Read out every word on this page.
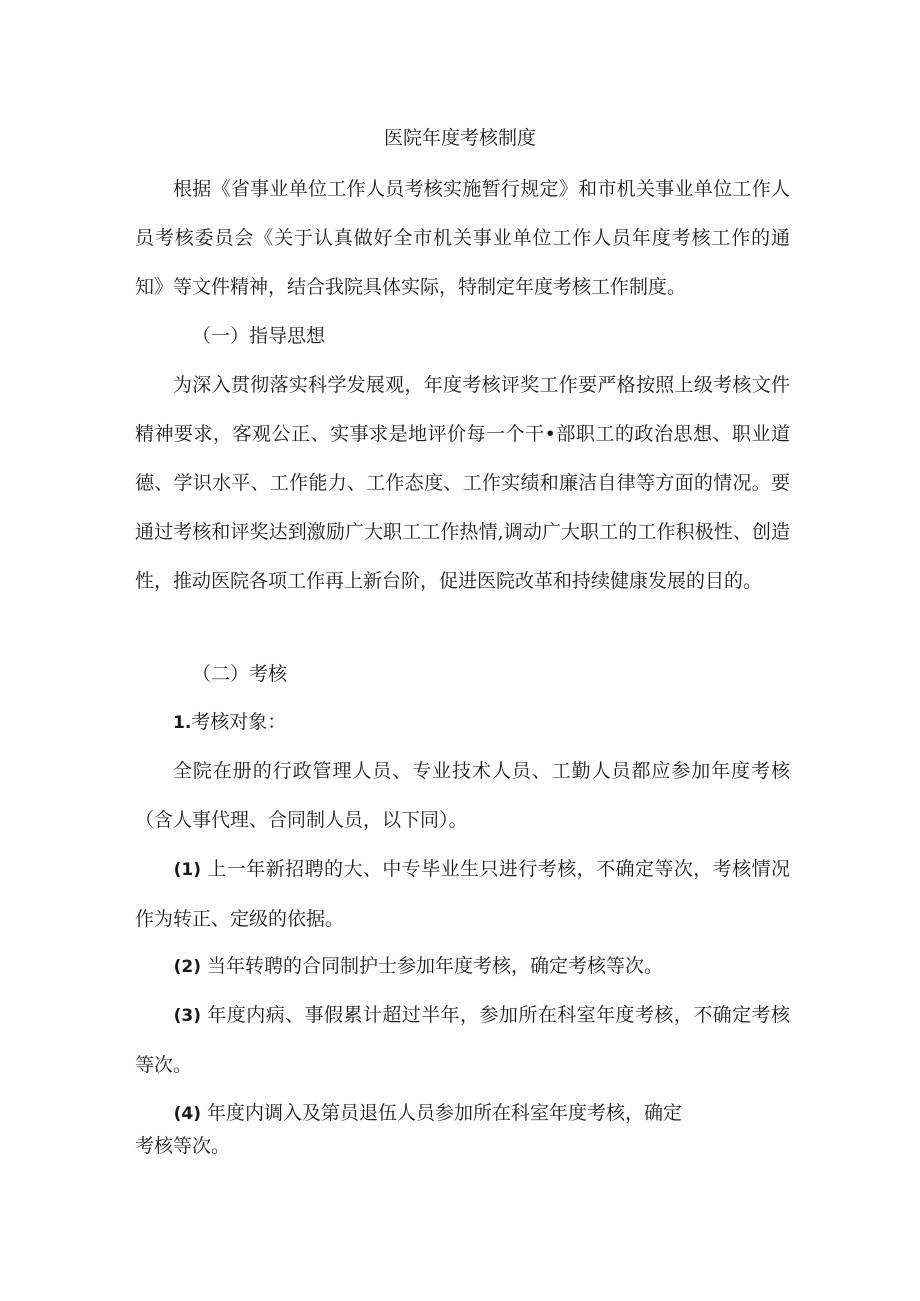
医院年度考核制度

根据《省事业单位工作人员考核实施暂行规定》和市机关事业单位工作人员考核委员会《关于认真做好全市机关事业单位工作人员年度考核工作的通知》等文件精神，结合我院具体实际，特制定年度考核工作制度。

（一）指导思想

为深入贯彻落实科学发展观，年度考核评奖工作要严格按照上级考核文件精神要求，客观公正、实事求是地评价每一个干•部职工的政治思想、职业道德、学识水平、工作能力、工作态度、工作实绩和廉洁自律等方面的情况。要通过考核和评奖达到激励广大职工工作热情,调动广大职工的工作积极性、创造性，推动医院各项工作再上新台阶，促进医院改革和持续健康发展的目的。

（二）考核

1.考核对象：

全院在册的行政管理人员、专业技术人员、工勤人员都应参加年度考核（含人事代理、合同制人员，以下同）。

(1) 上一年新招聘的大、中专毕业生只进行考核，不确定等次，考核情况作为转正、定级的依据。

(2) 当年转聘的合同制护士参加年度考核，确定考核等次。

(3) 年度内病、事假累计超过半年，参加所在科室年度考核，不确定考核等次。

(4) 年度内调入及第员退伍人员参加所在科室年度考核，确定

考核等次。
